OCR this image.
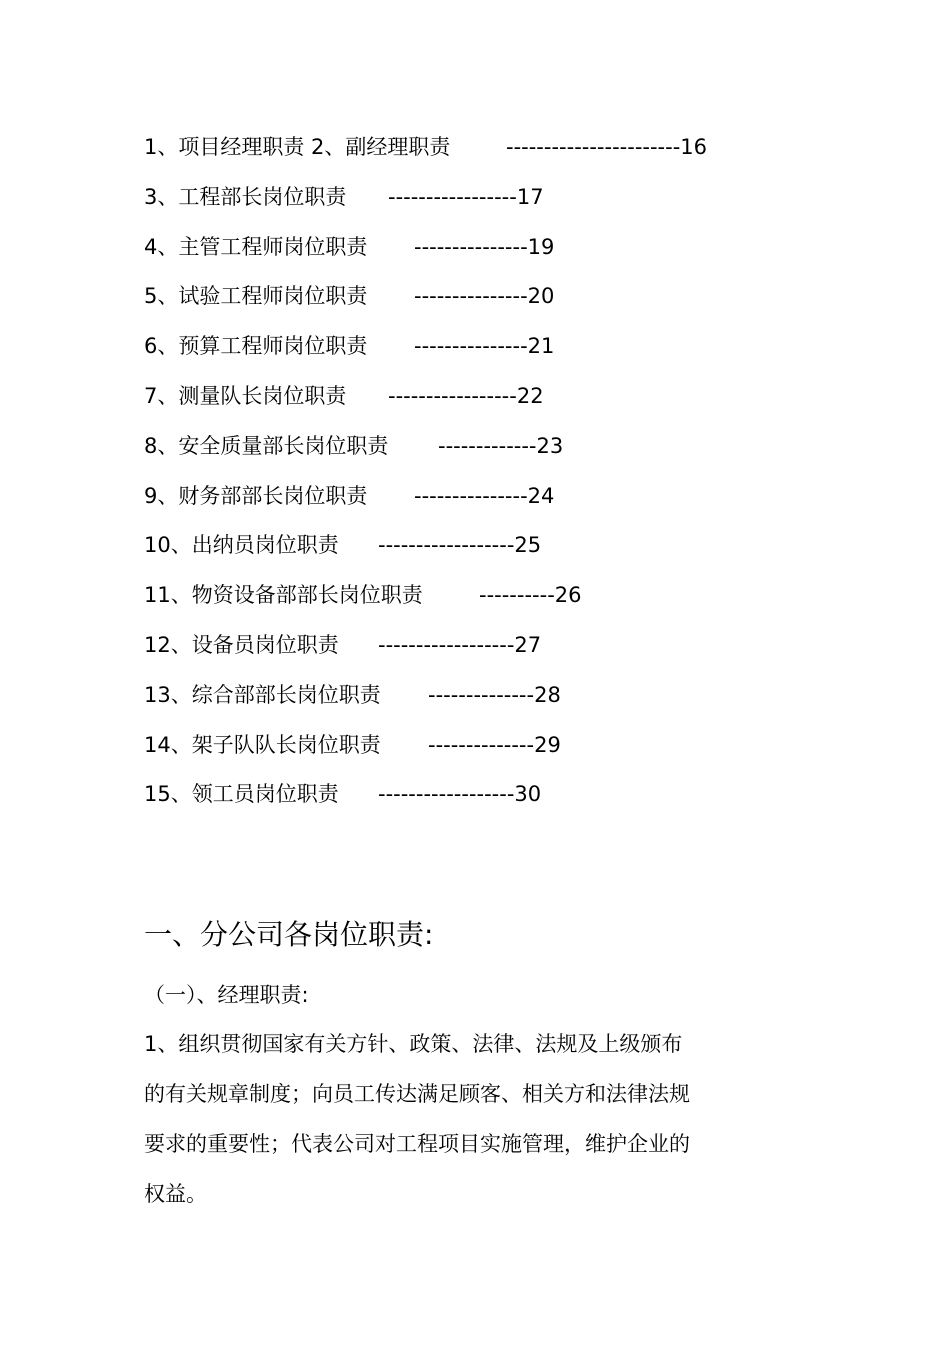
1、项目经理职责 2、副经理职责	-----------------------16
3、工程部长岗位职责 -----------------17
4、主管工程师岗位职责 ---------------19
5、试验工程师岗位职责 ---------------20
6、预算工程师岗位职责 ---------------21
7、测量队长岗位职责 -----------------22
8、安全质量部长岗位职责 -------------23
9、财务部部长岗位职责 ---------------24
10、出纳员岗位职责 ------------------25
11、物资设备部部长岗位职责	----------26
12、设备员岗位职责 ------------------27
13、综合部部长岗位职责 --------------28
14、架子队队长岗位职责 --------------29
15、领工员岗位职责 ------------------30
一、分公司各岗位职责:
（一）、经理职责:
1、组织贯彻国家有关方针、政策、法律、法规及上级颁布
的有关规章制度；向员工传达满足顾客、相关方和法律法规
要求的重要性；代表公司对工程项目实施管理，维护企业的
权益。
